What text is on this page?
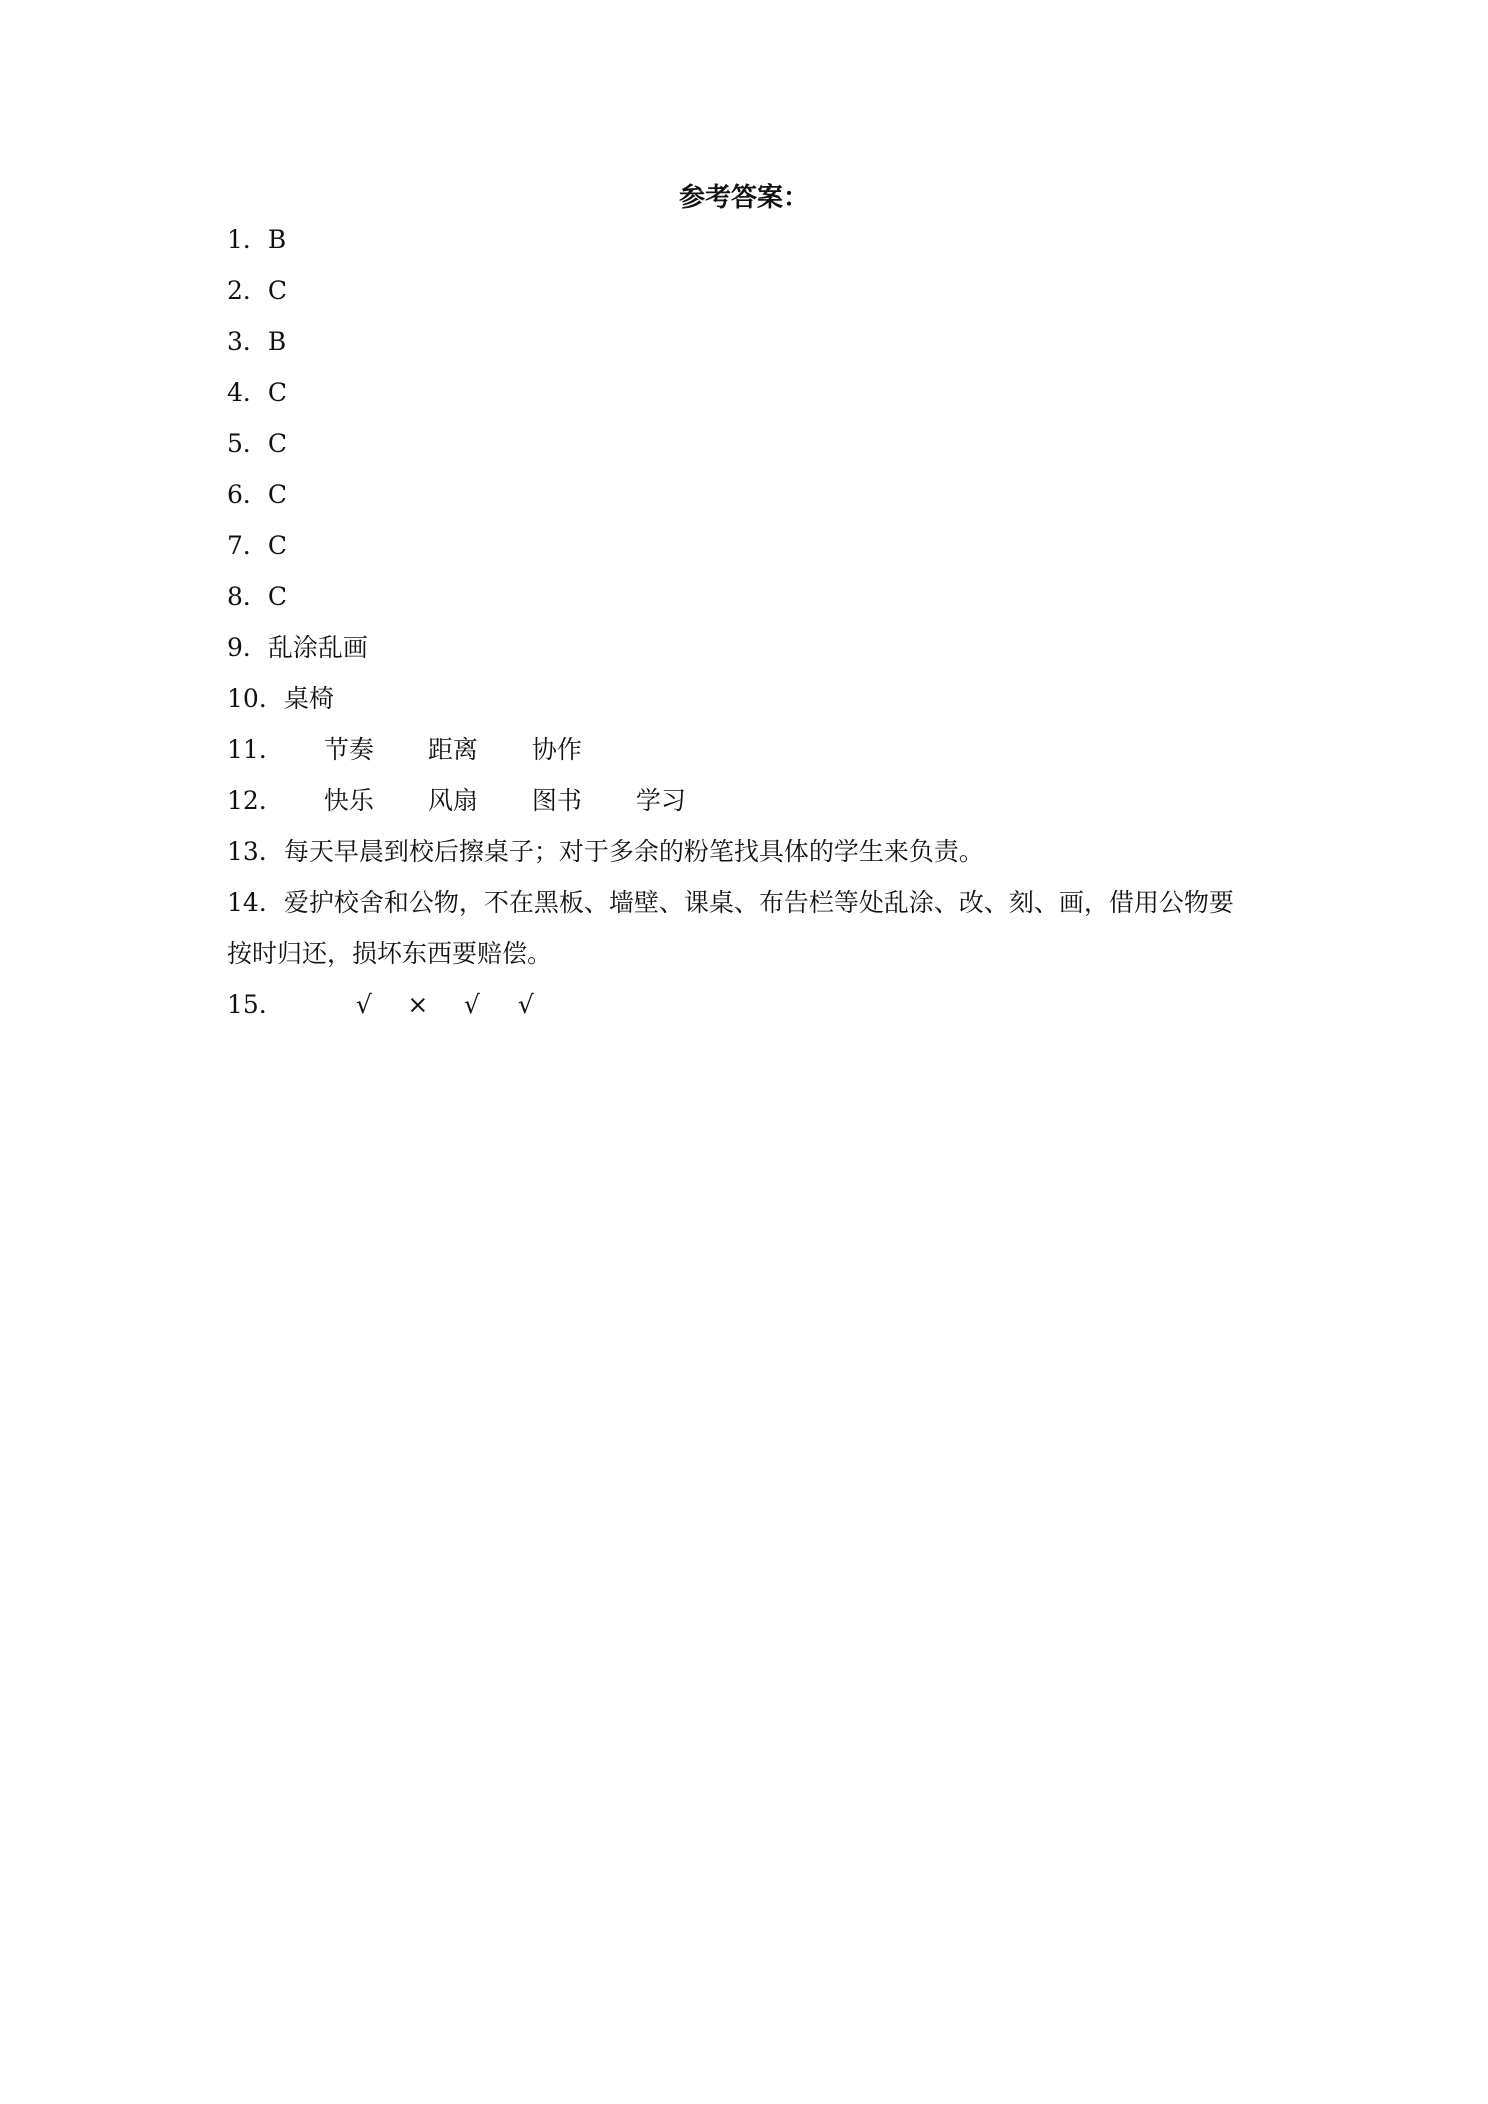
参考答案：
1 ． B
2 ． C
3 ． B
4 ． C
5 ． C
6 ． C
7 ． C
8 ． C
9 ． 乱涂乱画
10 ． 桌椅
11 ． 节奏 距离 协作
12 ． 快乐 风扇 图书 学习
13 ． 每天早晨到校后擦桌子；对于多余的粉笔找具体的学生来负责。
14 ． 爱护校舍和公物，不在黑板、墙壁、课桌、布告栏等处乱涂、改、刻、画，借用公物要
按时归还，损坏东西要赔偿。
15 ．	√ × √ √
